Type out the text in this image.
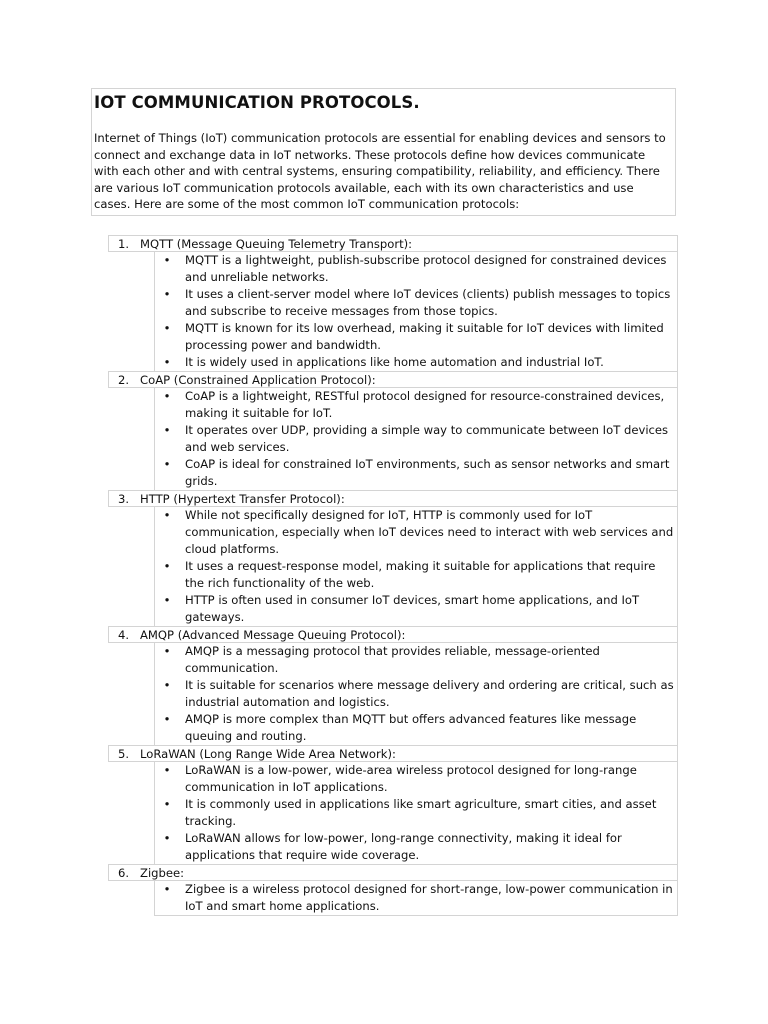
IOT COMMUNICATION PROTOCOLS.

Internet of Things (IoT) communication protocols are essential for enabling devices and sensors to connect and exchange data in IoT networks. These protocols define how devices communicate with each other and with central systems, ensuring compatibility, reliability, and efficiency. There are various IoT communication protocols available, each with its own characteristics and use cases. Here are some of the most common IoT communication protocols:

1. MQTT (Message Queuing Telemetry Transport):
• MQTT is a lightweight, publish-subscribe protocol designed for constrained devices and unreliable networks.
• It uses a client-server model where IoT devices (clients) publish messages to topics and subscribe to receive messages from those topics.
• MQTT is known for its low overhead, making it suitable for IoT devices with limited processing power and bandwidth.
• It is widely used in applications like home automation and industrial IoT.
2. CoAP (Constrained Application Protocol):
• CoAP is a lightweight, RESTful protocol designed for resource-constrained devices, making it suitable for IoT.
• It operates over UDP, providing a simple way to communicate between IoT devices and web services.
• CoAP is ideal for constrained IoT environments, such as sensor networks and smart grids.
3. HTTP (Hypertext Transfer Protocol):
• While not specifically designed for IoT, HTTP is commonly used for IoT communication, especially when IoT devices need to interact with web services and cloud platforms.
• It uses a request-response model, making it suitable for applications that require the rich functionality of the web.
• HTTP is often used in consumer IoT devices, smart home applications, and IoT gateways.
4. AMQP (Advanced Message Queuing Protocol):
• AMQP is a messaging protocol that provides reliable, message-oriented communication.
• It is suitable for scenarios where message delivery and ordering are critical, such as industrial automation and logistics.
• AMQP is more complex than MQTT but offers advanced features like message queuing and routing.
5. LoRaWAN (Long Range Wide Area Network):
• LoRaWAN is a low-power, wide-area wireless protocol designed for long-range communication in IoT applications.
• It is commonly used in applications like smart agriculture, smart cities, and asset tracking.
• LoRaWAN allows for low-power, long-range connectivity, making it ideal for applications that require wide coverage.
6. Zigbee:
• Zigbee is a wireless protocol designed for short-range, low-power communication in IoT and smart home applications.
